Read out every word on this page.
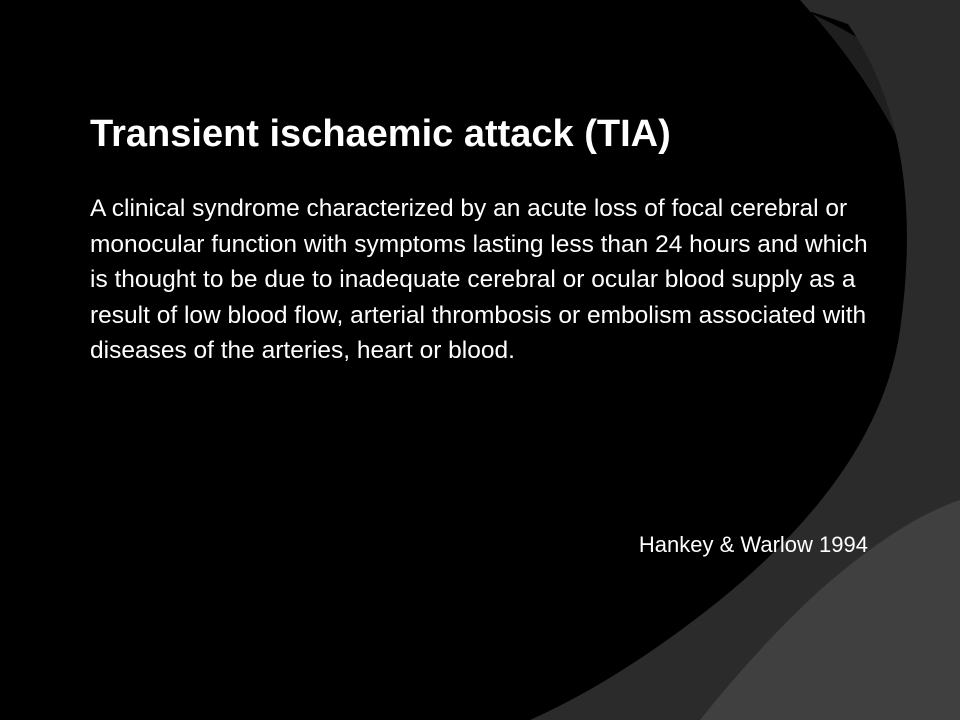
Transient ischaemic attack (TIA)

A clinical syndrome characterized by an acute loss of focal cerebral or monocular function with symptoms lasting less than 24 hours and which is thought to be due to inadequate cerebral or ocular blood supply as a result of low blood flow, arterial thrombosis or embolism associated with diseases of the arteries, heart or blood.

Hankey & Warlow 1994
